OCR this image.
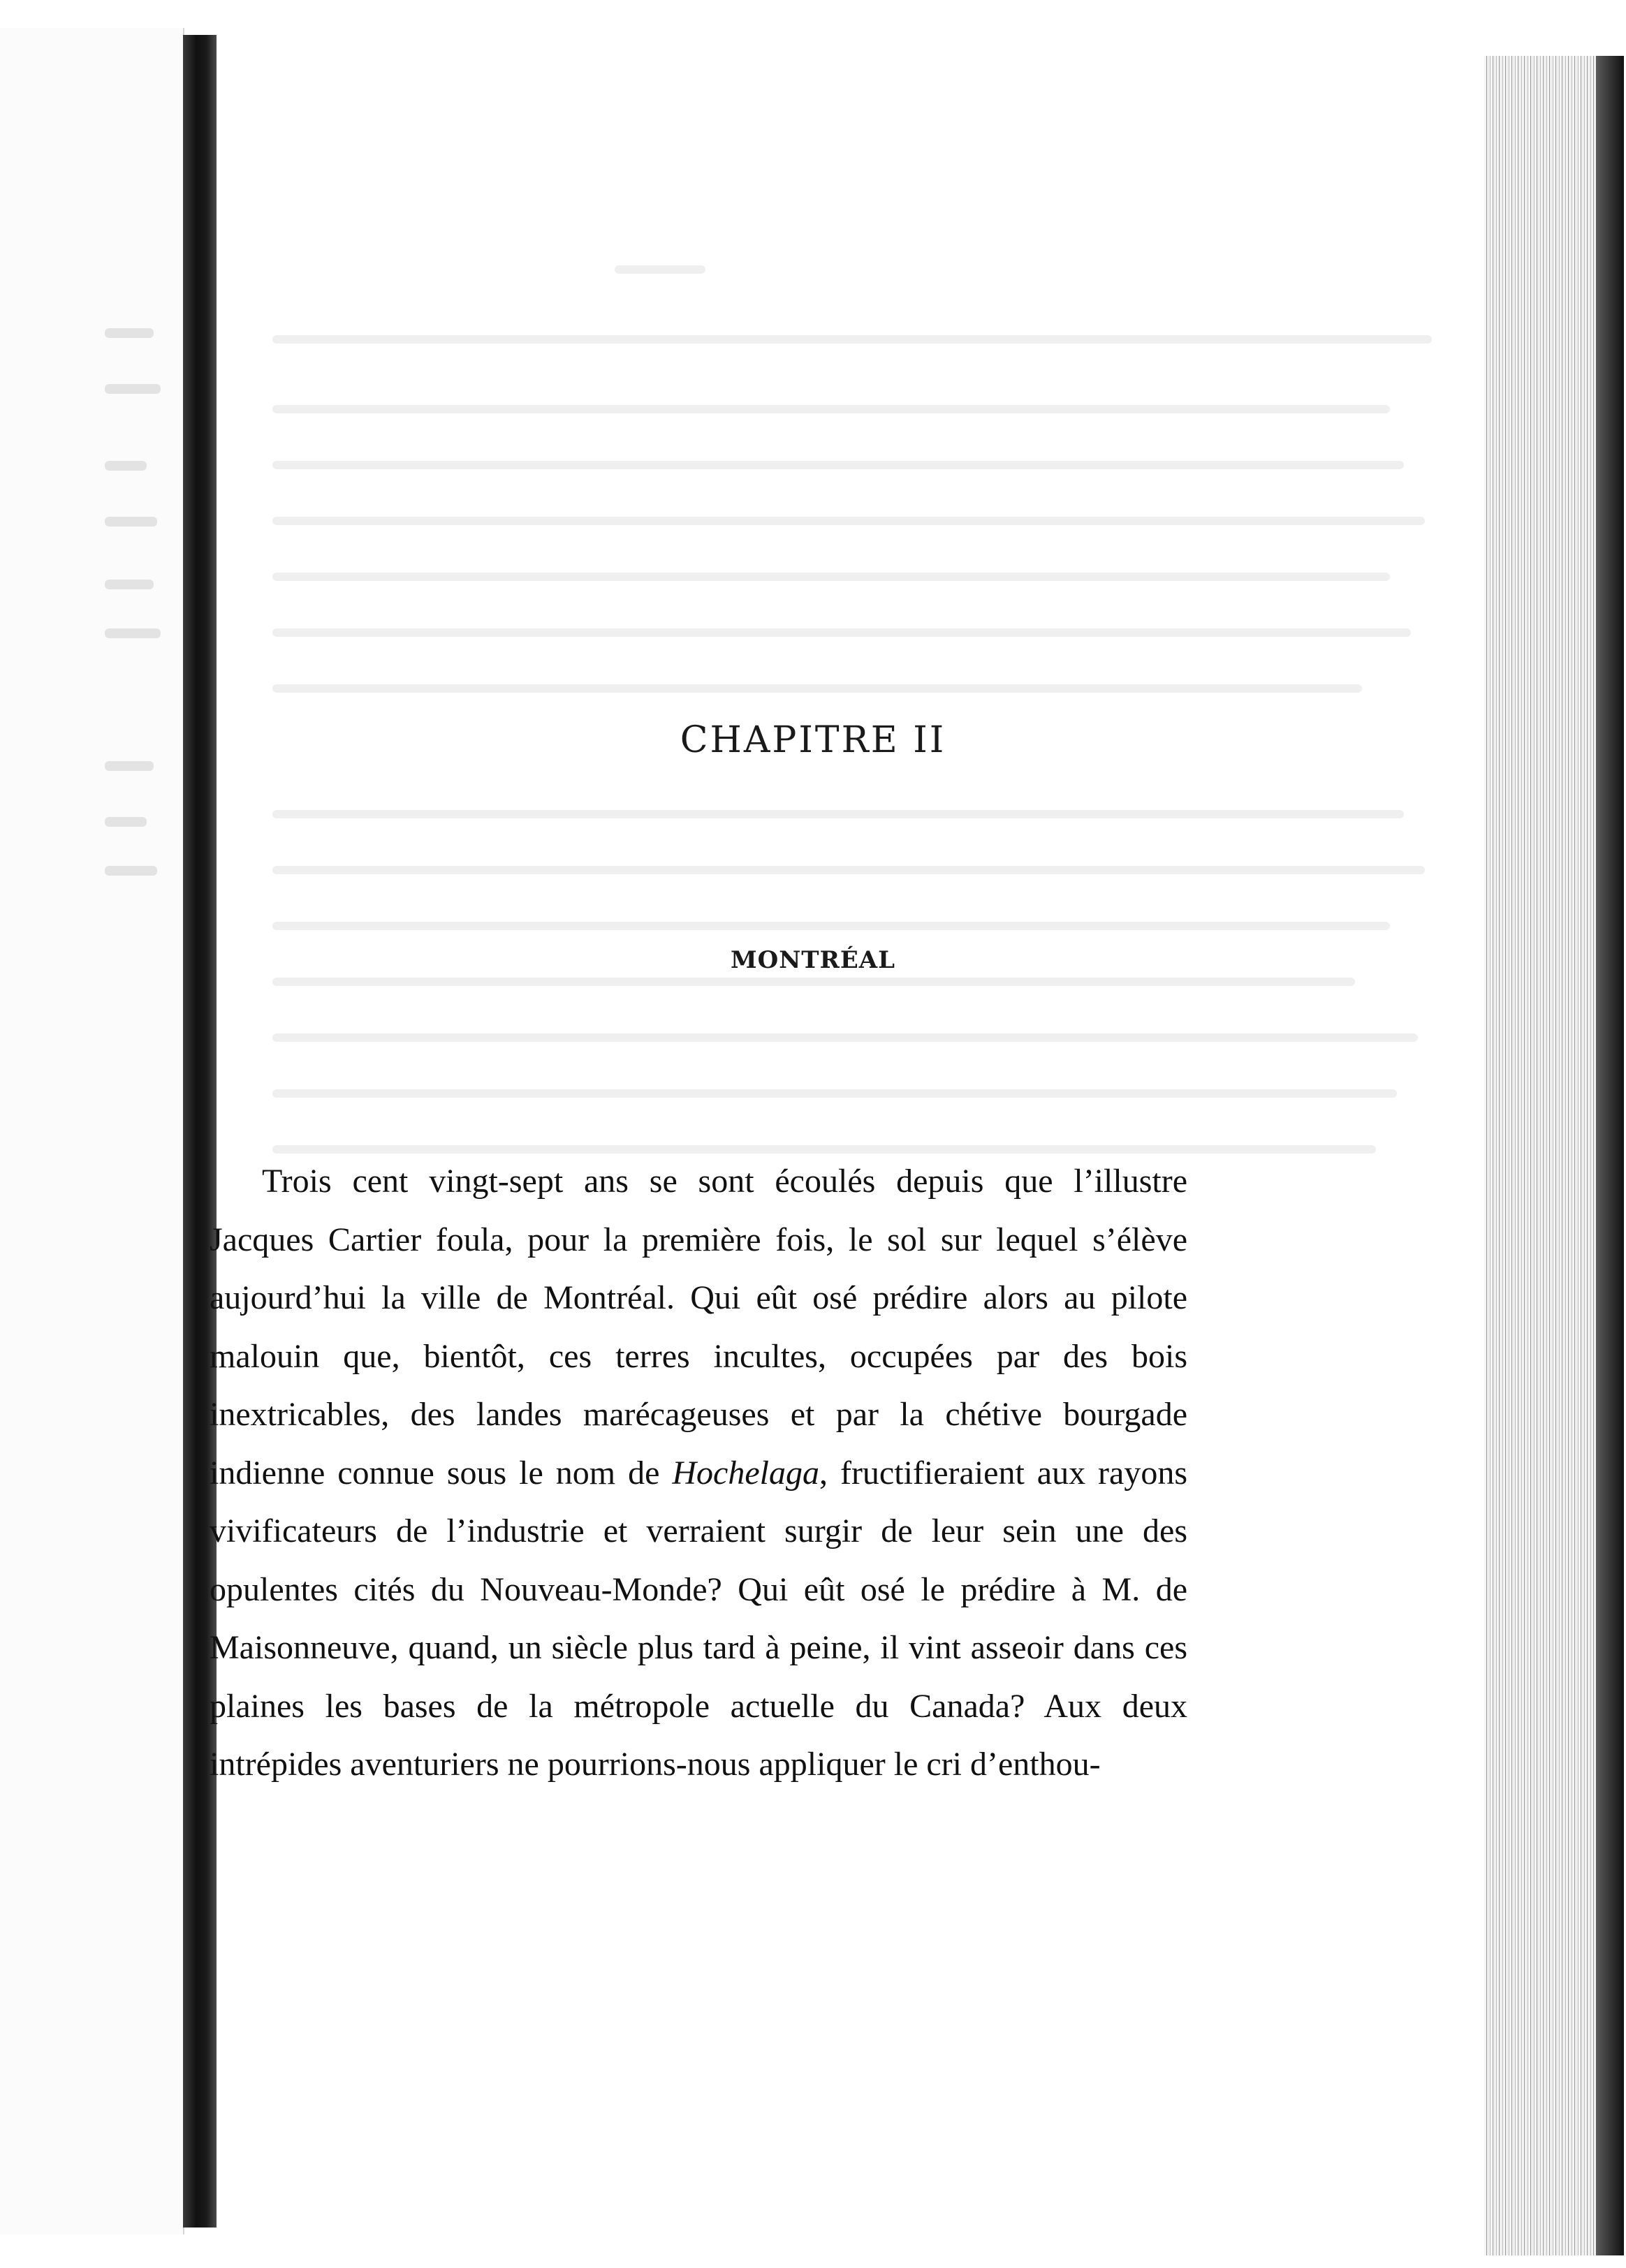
CHAPITRE II
MONTRÉAL

Trois cent vingt-sept ans se sont écoulés depuis que l’illustre Jacques Cartier foula, pour la première fois, le sol sur lequel s’élève aujourd’hui la ville de Montréal. Qui eût osé prédire alors au pilote malouin que, bientôt, ces terres incultes, occupées par des bois inextricables, des landes marécageuses et par la chétive bourgade indienne connue sous le nom de Hochelaga, fructifieraient aux rayons vivificateurs de l’industrie et verraient surgir de leur sein une des opulentes cités du Nouveau-Monde? Qui eût osé le prédire à M. de Maisonneuve, quand, un siècle plus tard à peine, il vint asseoir dans ces plaines les bases de la métropole actuelle du Canada? Aux deux intrépides aventuriers ne pourrions-nous appliquer le cri d’enthou-
